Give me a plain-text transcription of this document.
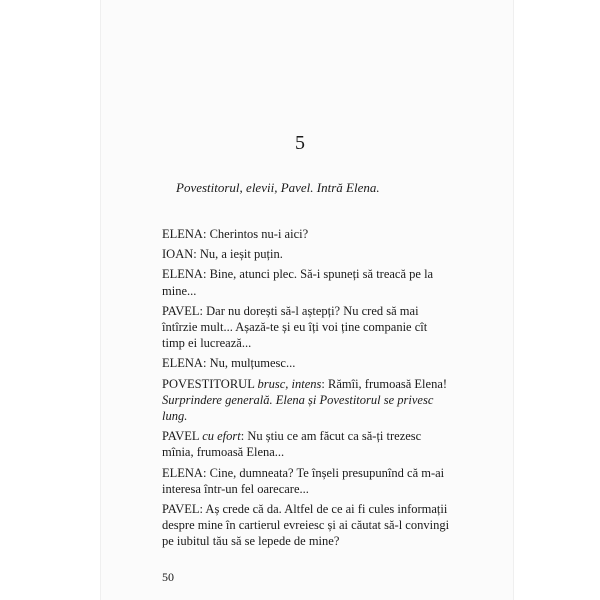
5
Povestitorul, elevii, Pavel. Intră Elena.
ELENA: Cherintos nu-i aici?
IOAN: Nu, a ieșit puțin.
ELENA: Bine, atunci plec. Să-i spuneți să treacă pe la mine...
PAVEL: Dar nu dorești să-l aștepți? Nu cred să mai întîrzie mult... Așază-te și eu îți voi ține companie cît timp ei lucrează...
ELENA: Nu, mulțumesc...
POVESTITORUL brusc, intens: Rămîi, frumoasă Elena! Surprindere generală. Elena și Povestitorul se privesc lung.
PAVEL cu efort: Nu știu ce am făcut ca să-ți trezesc mînia, frumoasă Elena...
ELENA: Cine, dumneata? Te înșeli presupunînd că m-ai interesa într-un fel oarecare...
PAVEL: Aș crede că da. Altfel de ce ai fi cules informații despre mine în cartierul evreiesc și ai căutat să-l convingi pe iubitul tău să se lepede de mine?
50
